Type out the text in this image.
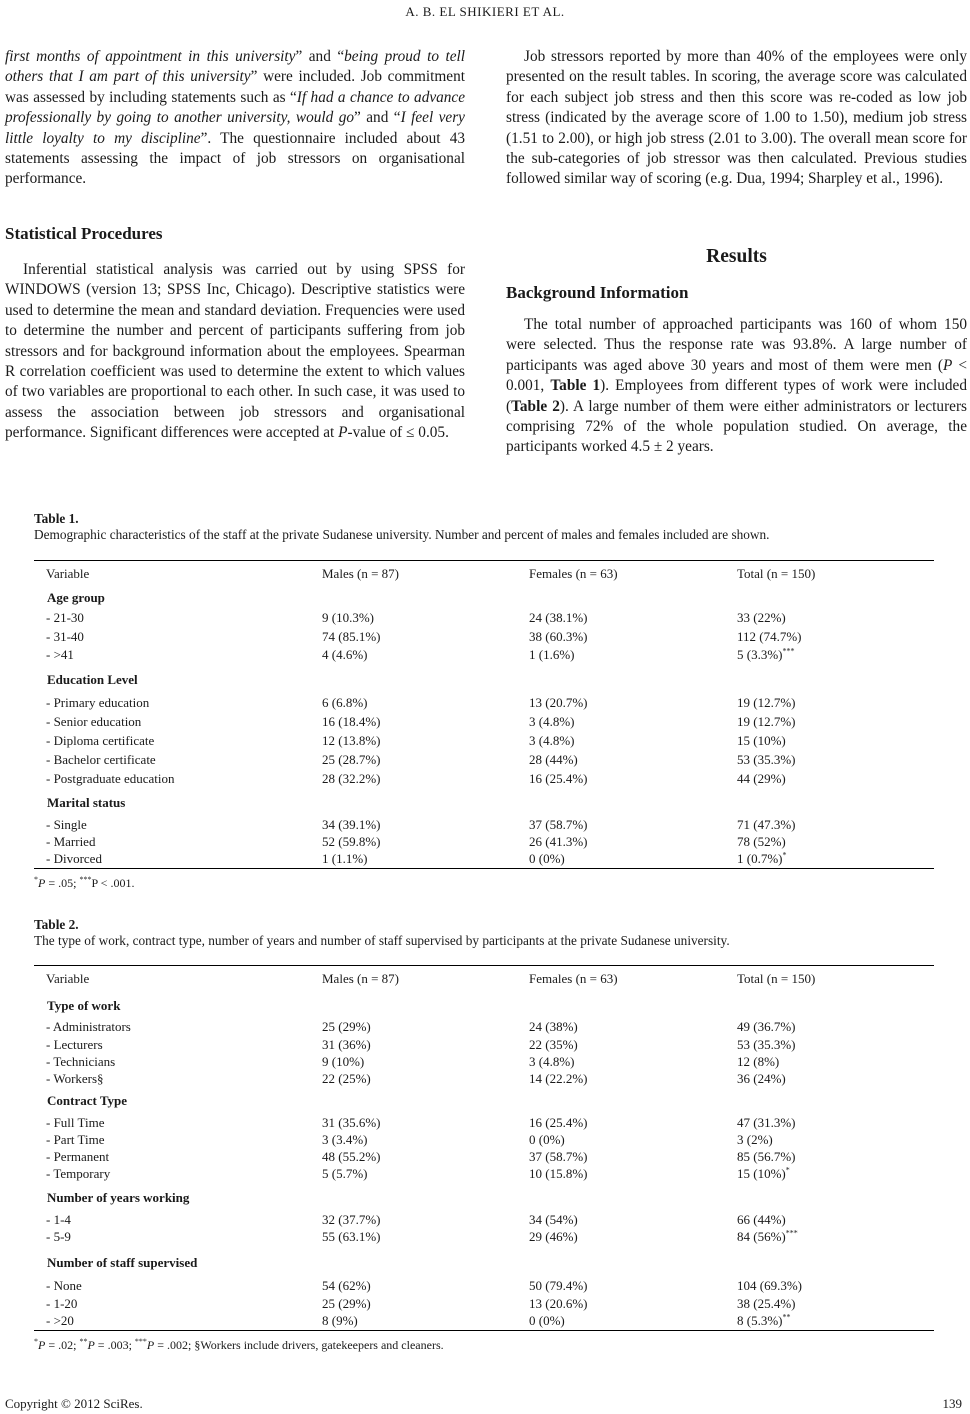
A. B. EL SHIKIERI ET AL.

first months of appointment in this university” and “being proud to tell others that I am part of this university” were included. Job commitment was assessed by including statements such as “If had a chance to advance professionally by going to another university, would go” and “I feel very little loyalty to my discipline”. The questionnaire included about 43 statements assessing the impact of job stressors on organisational performance.

Statistical Procedures

Inferential statistical analysis was carried out by using SPSS for WINDOWS (version 13; SPSS Inc, Chicago). Descriptive statistics were used to determine the mean and standard deviation. Frequencies were used to determine the number and percent of participants suffering from job stressors and for background information about the employees. Spearman R correlation coefficient was used to determine the extent to which values of two variables are proportional to each other. In such case, it was used to assess the association between job stressors and organisational performance. Significant differences were accepted at P-value of ≤ 0.05.

Job stressors reported by more than 40% of the employees were only presented on the result tables. In scoring, the average score was calculated for each subject job stress and then this score was re-coded as low job stress (indicated by the average score of 1.00 to 1.50), medium job stress (1.51 to 2.00), or high job stress (2.01 to 3.00). The overall mean score for the sub-categories of job stressor was then calculated. Previous studies followed similar way of scoring (e.g. Dua, 1994; Sharpley et al., 1996).

Results
Background Information

The total number of approached participants was 160 of whom 150 were selected. Thus the response rate was 93.8%. A large number of participants was aged above 30 years and most of them were men (P < 0.001, Table 1). Employees from different types of work were included (Table 2). A large number of them were either administrators or lecturers comprising 72% of the whole population studied. On average, the participants worked 4.5 ± 2 years.

Table 1.
Demographic characteristics of the staff at the private Sudanese university. Number and percent of males and females included are shown.
Variable	Males (n = 87)	Females (n = 63)	Total (n = 150)
Age group
- 21-30	9 (10.3%)	24 (38.1%)	33 (22%)
- 31-40	74 (85.1%)	38 (60.3%)	112 (74.7%)
- >41	4 (4.6%)	1 (1.6%)	5 (3.3%)***
Education Level
- Primary education	6 (6.8%)	13 (20.7%)	19 (12.7%)
- Senior education	16 (18.4%)	3 (4.8%)	19 (12.7%)
- Diploma certificate	12 (13.8%)	3 (4.8%)	15 (10%)
- Bachelor certificate	25 (28.7%)	28 (44%)	53 (35.3%)
- Postgraduate education	28 (32.2%)	16 (25.4%)	44 (29%)
Marital status
- Single	34 (39.1%)	37 (58.7%)	71 (47.3%)
- Married	52 (59.8%)	26 (41.3%)	78 (52%)
- Divorced	1 (1.1%)	0 (0%)	1 (0.7%)*
*P = .05; ***P < .001.
Table 2.
The type of work, contract type, number of years and number of staff supervised by participants at the private Sudanese university.
Variable	Males (n = 87)	Females (n = 63)	Total (n = 150)
Type of work
- Administrators	25 (29%)	24 (38%)	49 (36.7%)
- Lecturers	31 (36%)	22 (35%)	53 (35.3%)
- Technicians	9 (10%)	3 (4.8%)	12 (8%)
- Workers§	22 (25%)	14 (22.2%)	36 (24%)
Contract Type
- Full Time	31 (35.6%)	16 (25.4%)	47 (31.3%)
- Part Time	3 (3.4%)	0 (0%)	3 (2%)
- Permanent	48 (55.2%)	37 (58.7%)	85 (56.7%)
- Temporary	5 (5.7%)	10 (15.8%)	15 (10%)*
Number of years working
- 1-4	32 (37.7%)	34 (54%)	66 (44%)
- 5-9	55 (63.1%)	29 (46%)	84 (56%)***
Number of staff supervised
- None	54 (62%)	50 (79.4%)	104 (69.3%)
- 1-20	25 (29%)	13 (20.6%)	38 (25.4%)
- >20	8 (9%)	0 (0%)	8 (5.3%)**
*P = .02; **P = .003; ***P = .002; §Workers include drivers, gatekeepers and cleaners.
Copyright © 2012 SciRes.	139
